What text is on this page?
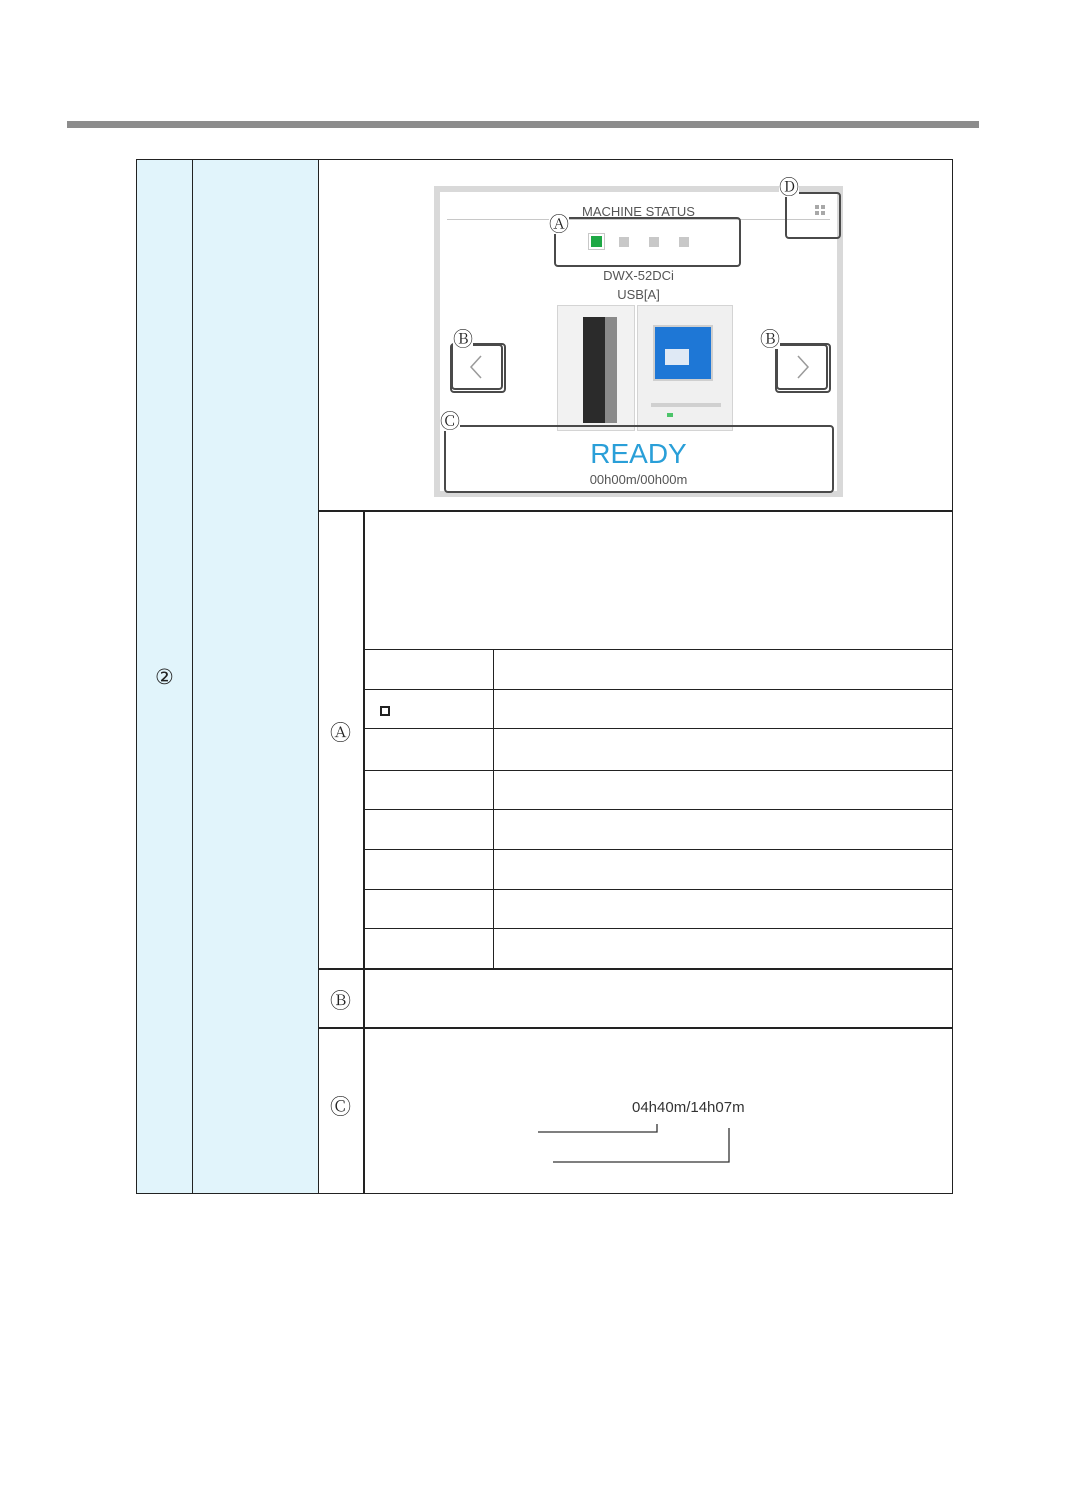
②
Ⓐ
Ⓑ
Ⓒ
MACHINE STATUS
DWX-52DCi
USB[A]
READY
00h00m/00h00m
Ⓐ
Ⓓ
Ⓑ	Ⓑ
Ⓒ
04h40m/14h07m
